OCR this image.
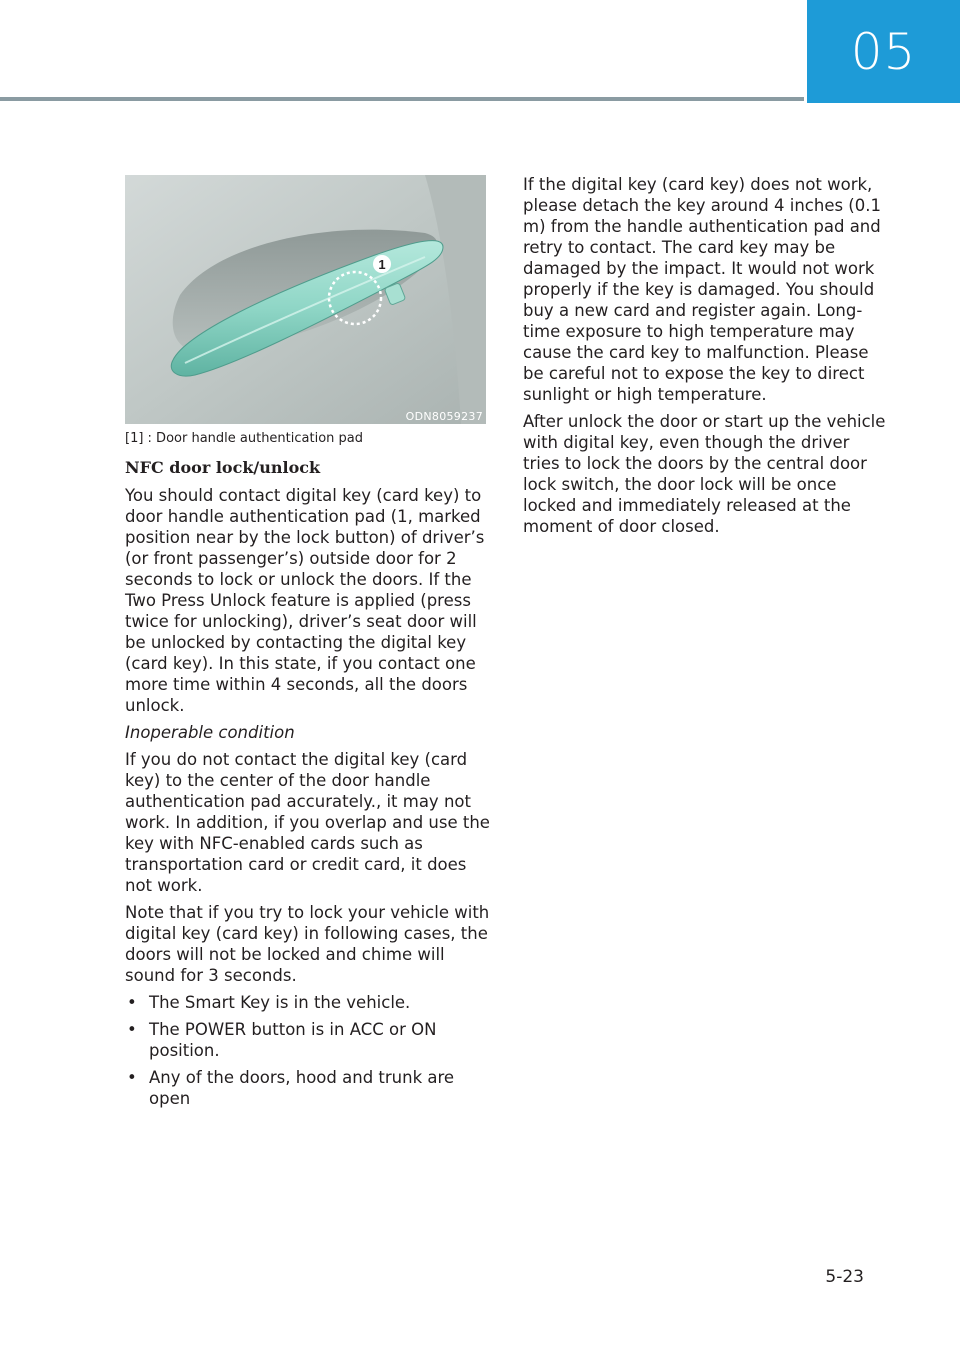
05
1
ODN8059237
[1] : Door handle authentication pad
NFC door lock/unlock

You should contact digital key (card key) to door handle authentication pad (1, marked position near by the lock button) of driver’s (or front passenger’s) outside door for 2 seconds to lock or unlock the doors. If the Two Press Unlock feature is applied (press twice for unlocking), driver’s seat door will be unlocked by contacting the digital key (card key). In this state, if you contact one more time within 4 seconds, all the doors unlock.

Inoperable condition

If you do not contact the digital key (card key) to the center of the door handle authentication pad accurately., it may not work. In addition, if you overlap and use the key with NFC-enabled cards such as transportation card or credit card, it does not work.

Note that if you try to lock your vehicle with digital key (card key) in following cases, the doors will not be locked and chime will sound for 3 seconds.

• The Smart Key is in the vehicle.
• The POWER button is in ACC or ON position.
• Any of the doors, hood and trunk are open

If the digital key (card key) does not work, please detach the key around 4 inches (0.1 m) from the handle authentication pad and retry to contact. The card key may be damaged by the impact. It would not work properly if the key is damaged. You should buy a new card and register again. Long-time exposure to high temperature may cause the card key to malfunction. Please be careful not to expose the key to direct sunlight or high temperature.

After unlock the door or start up the vehicle with digital key, even though the driver tries to lock the doors by the central door lock switch, the door lock will be once locked and immediately released at the moment of door closed.

5-23
